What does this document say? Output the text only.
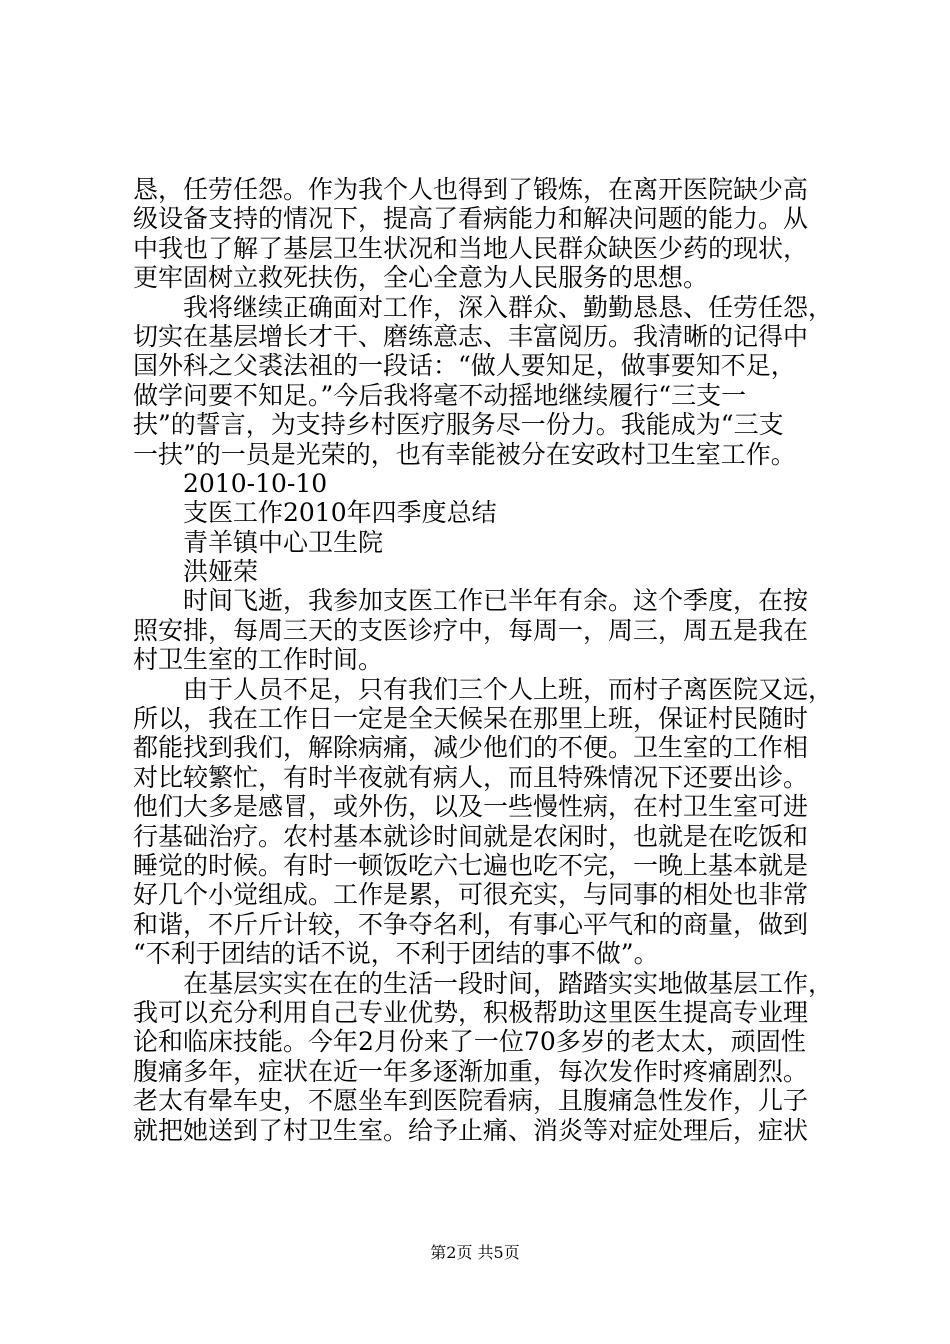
恳，任劳任怨。作为我个人也得到了锻炼，在离开医院缺少高
级设备支持的情况下，提高了看病能力和解决问题的能力。从
中我也了解了基层卫生状况和当地人民群众缺医少药的现状，
更牢固树立救死扶伤，全心全意为人民服务的思想。
　　我将继续正确面对工作，深入群众、勤勤恳恳、任劳任怨，
切实在基层增长才干、磨练意志、丰富阅历。我清晰的记得中
国外科之父裘法祖的一段话：“做人要知足，做事要知不足，
做学问要不知足。”今后我将毫不动摇地继续履行“三支一
扶”的誓言，为支持乡村医疗服务尽一份力。我能成为“三支
一扶”的一员是光荣的，也有幸能被分在安政村卫生室工作。
　　2010-10-10
　　支医工作2010年四季度总结
　　青羊镇中心卫生院
　　洪娅荣
　　时间飞逝，我参加支医工作已半年有余。这个季度，在按
照安排，每周三天的支医诊疗中，每周一，周三，周五是我在
村卫生室的工作时间。
　　由于人员不足，只有我们三个人上班，而村子离医院又远，
所以，我在工作日一定是全天候呆在那里上班，保证村民随时
都能找到我们，解除病痛，减少他们的不便。卫生室的工作相
对比较繁忙，有时半夜就有病人，而且特殊情况下还要出诊。
他们大多是感冒，或外伤，以及一些慢性病，在村卫生室可进
行基础治疗。农村基本就诊时间就是农闲时，也就是在吃饭和
睡觉的时候。有时一顿饭吃六七遍也吃不完，一晚上基本就是
好几个小觉组成。工作是累，可很充实，与同事的相处也非常
和谐，不斤斤计较，不争夺名利，有事心平气和的商量，做到
“不利于团结的话不说，不利于团结的事不做”。
　　在基层实实在在的生活一段时间，踏踏实实地做基层工作，
我可以充分利用自己专业优势，积极帮助这里医生提高专业理
论和临床技能。今年2月份来了一位70多岁的老太太，顽固性
腹痛多年，症状在近一年多逐渐加重，每次发作时疼痛剧烈。
老太有晕车史，不愿坐车到医院看病，且腹痛急性发作，儿子
就把她送到了村卫生室。给予止痛、消炎等对症处理后，症状
第2页 共5页
